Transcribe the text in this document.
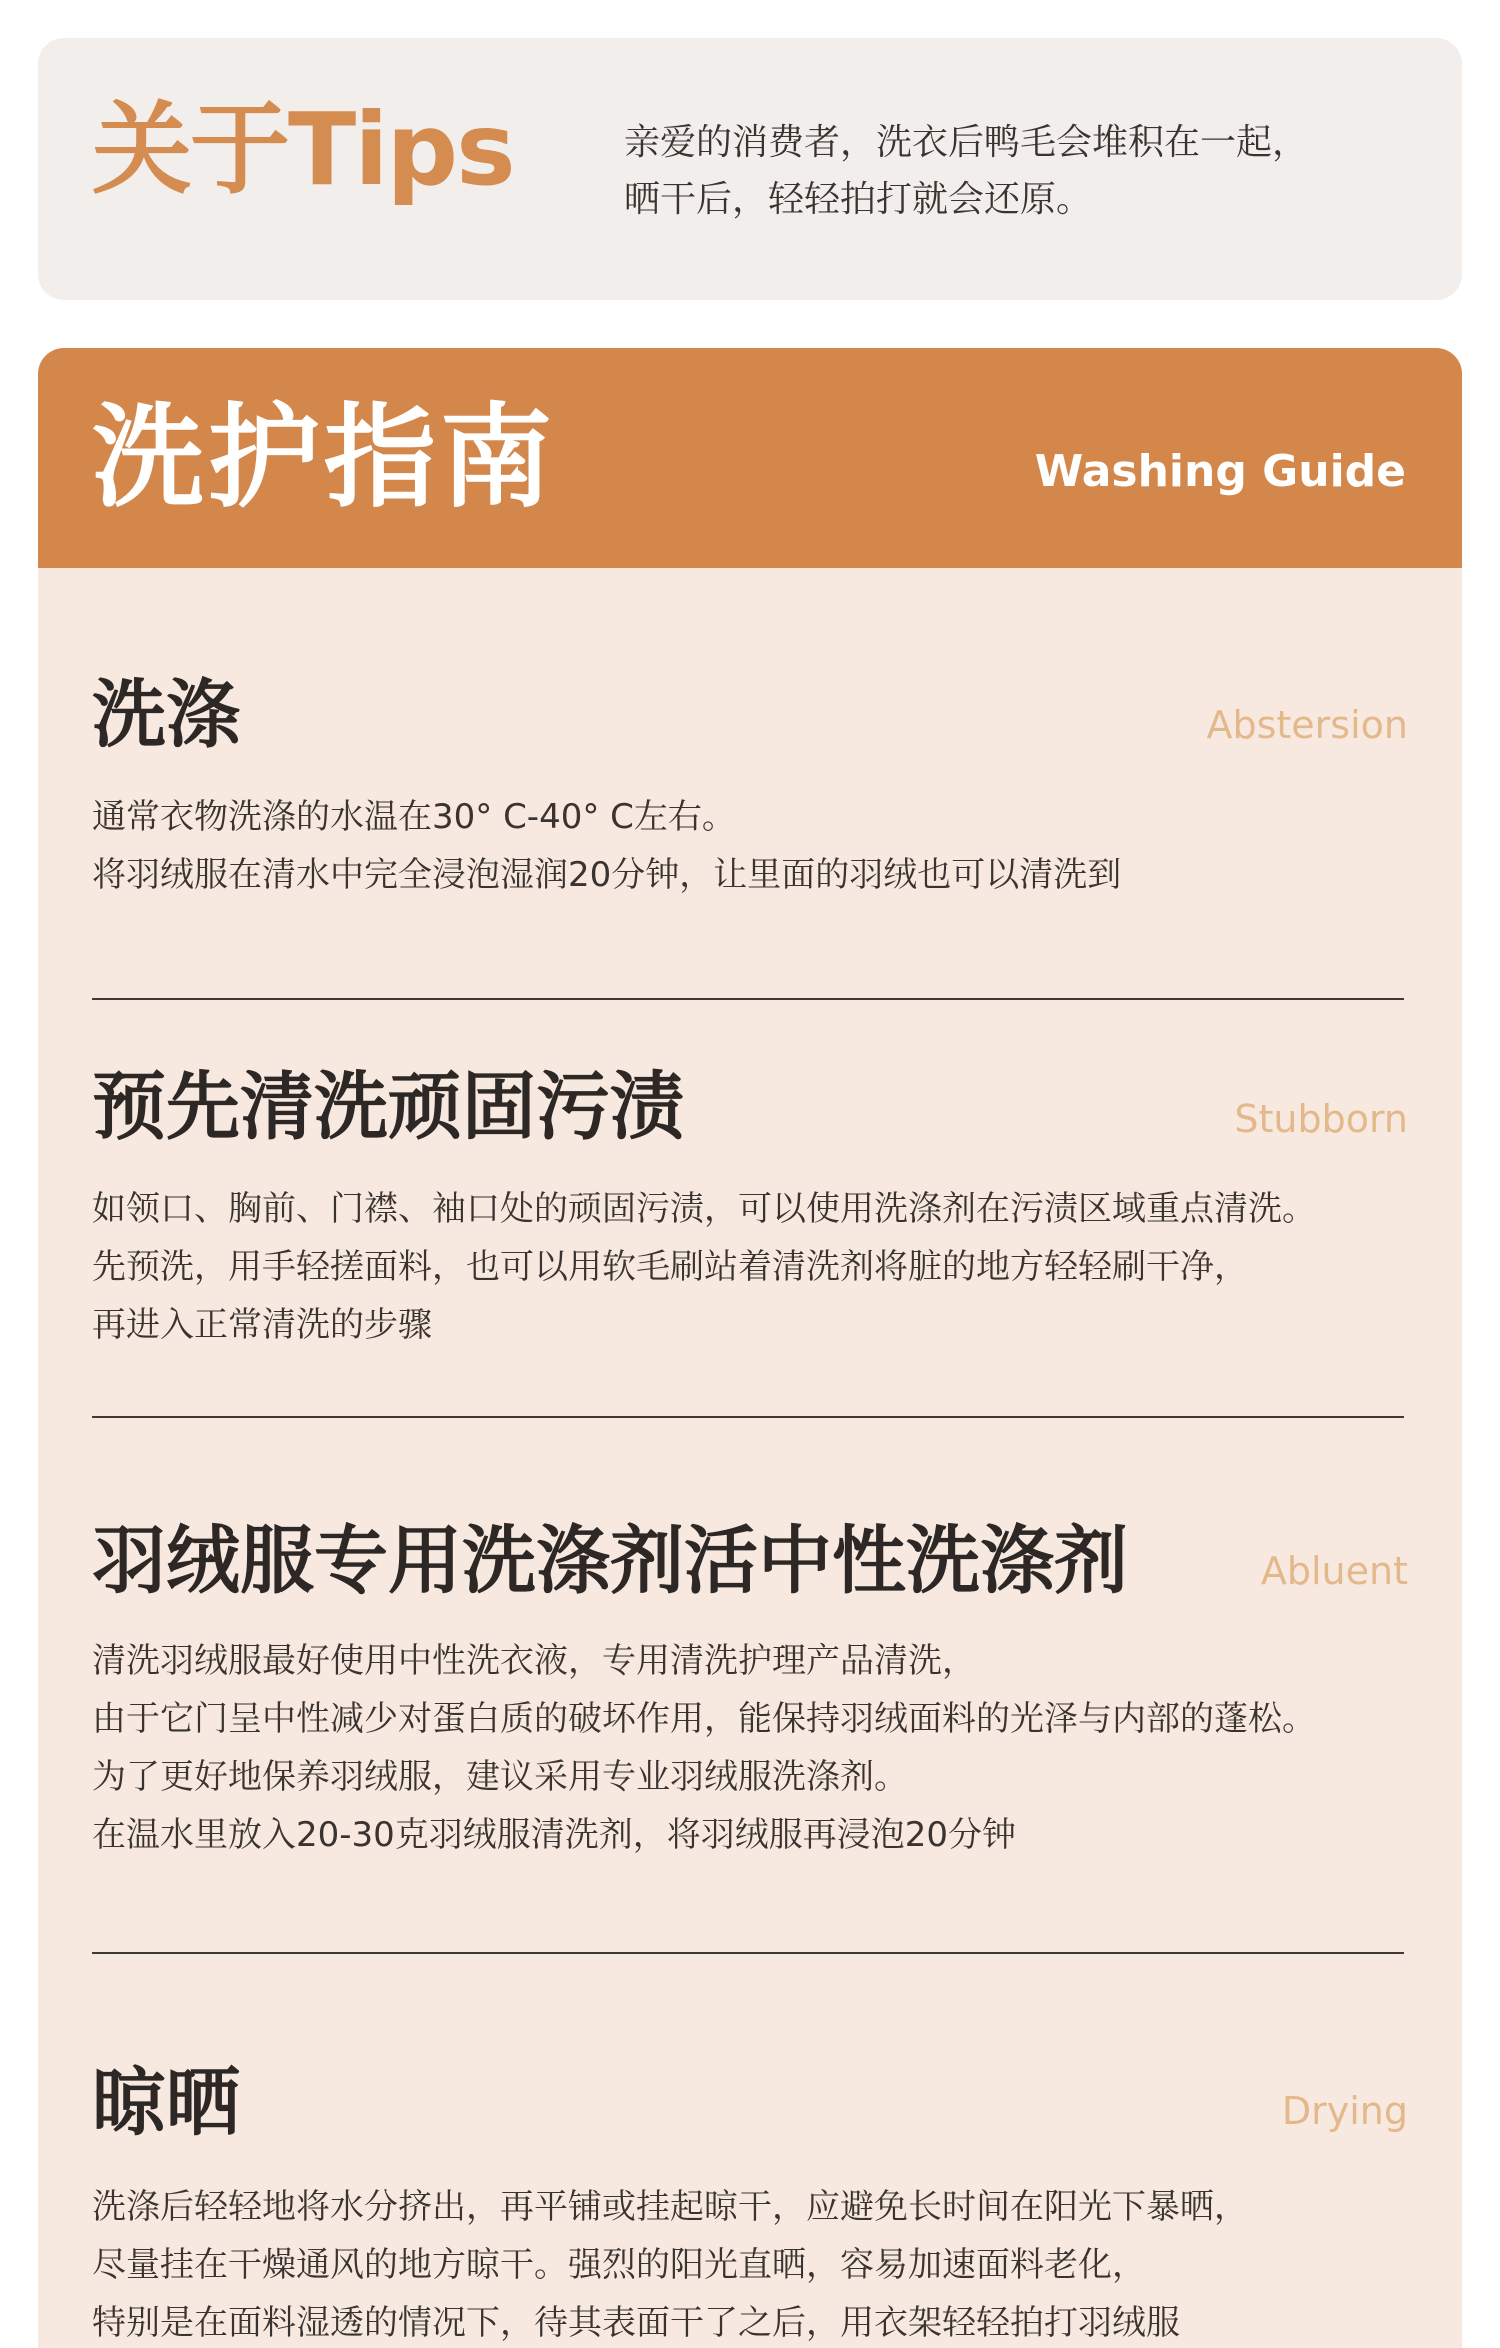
关于Tips	亲爱的消费者，洗衣后鸭毛会堆积在一起，
晒干后，轻轻拍打就会还原。
洗护指南	Washing Guide
洗涤	Abstersion
通常衣物洗涤的水温在30° C-40° C左右。
将羽绒服在清水中完全浸泡湿润20分钟，让里面的羽绒也可以清洗到
预先清洗顽固污渍	Stubborn
如领口、胸前、门襟、袖口处的顽固污渍，可以使用洗涤剂在污渍区域重点清洗。
先预洗，用手轻搓面料，也可以用软毛刷站着清洗剂将脏的地方轻轻刷干净，
再进入正常清洗的步骤
羽绒服专用洗涤剂活中性洗涤剂	Abluent
清洗羽绒服最好使用中性洗衣液，专用清洗护理产品清洗，
由于它门呈中性减少对蛋白质的破坏作用，能保持羽绒面料的光泽与内部的蓬松。
为了更好地保养羽绒服，建议采用专业羽绒服洗涤剂。
在温水里放入20-30克羽绒服清洗剂，将羽绒服再浸泡20分钟
晾晒	Drying
洗涤后轻轻地将水分挤出，再平铺或挂起晾干，应避免长时间在阳光下暴晒，
尽量挂在干燥通风的地方晾干。强烈的阳光直晒，容易加速面料老化，
特别是在面料湿透的情况下，待其表面干了之后，用衣架轻轻拍打羽绒服
